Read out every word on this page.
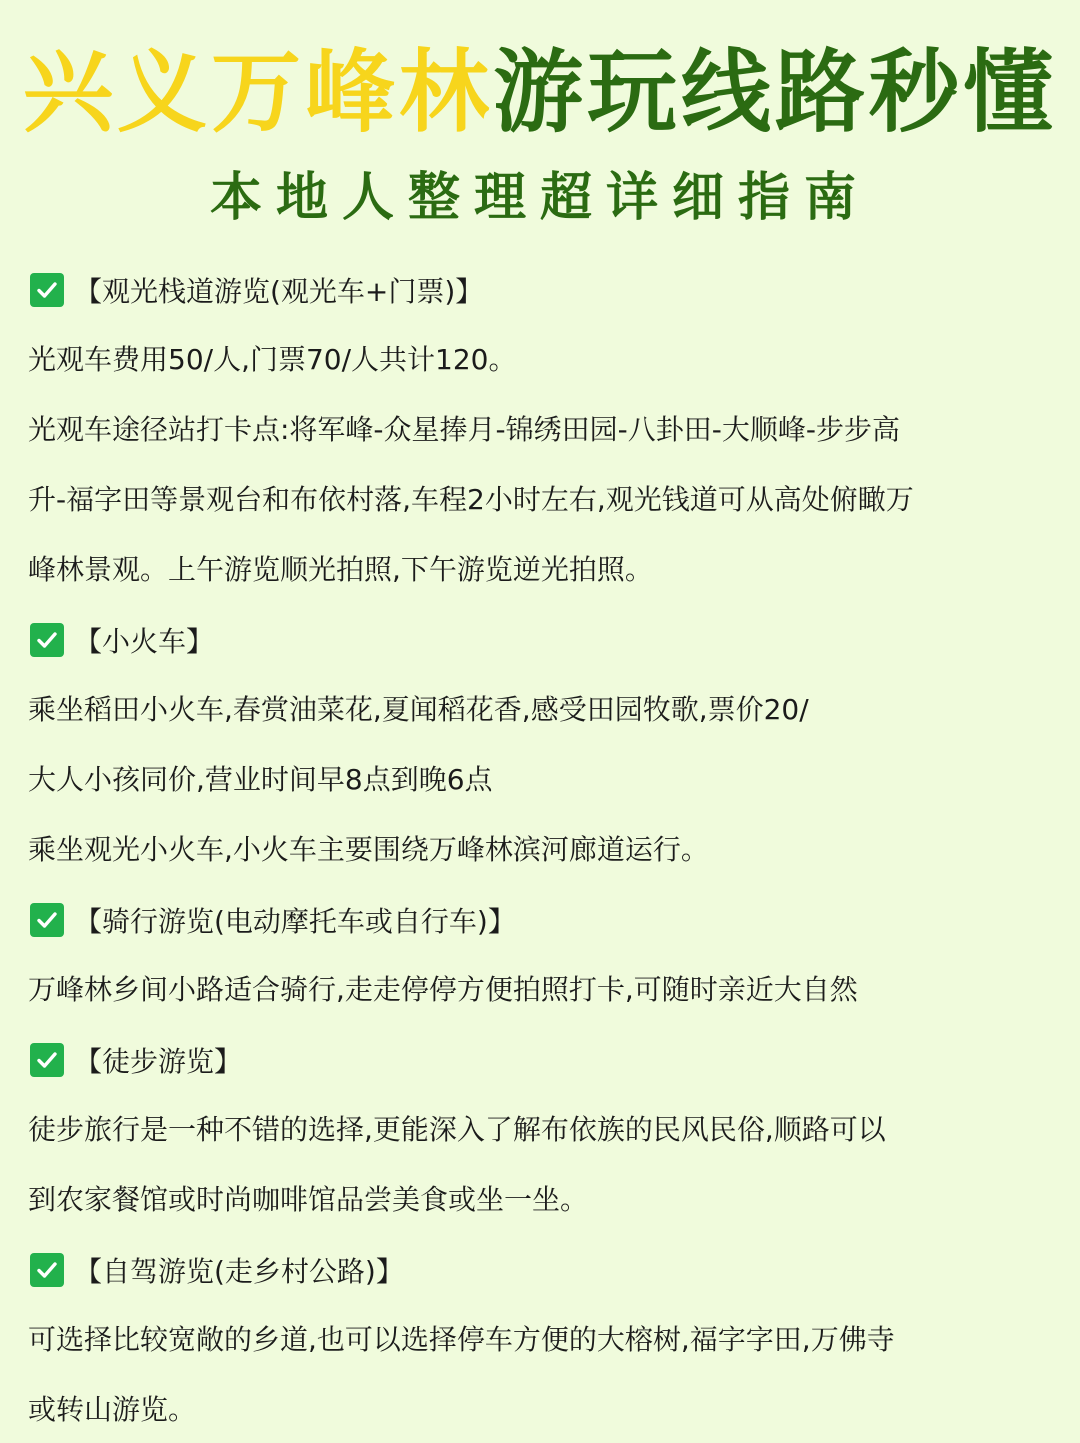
兴义万峰林游玩线路秒懂
本地人整理超详细指南
【观光栈道游览(观光车+门票)】
光观车费用50/人,门票70/人共计120。
光观车途径站打卡点:将军峰-众星捧月-锦绣田园-八卦田-大顺峰-步步高
升-福字田等景观台和布依村落,车程2小时左右,观光钱道可从高处俯瞰万
峰林景观。上午游览顺光拍照,下午游览逆光拍照。
【小火车】
乘坐稻田小火车,春赏油菜花,夏闻稻花香,感受田园牧歌,票价20/
大人小孩同价,营业时间早8点到晚6点
乘坐观光小火车,小火车主要围绕万峰林滨河廊道运行。
【骑行游览(电动摩托车或自行车)】
万峰林乡间小路适合骑行,走走停停方便拍照打卡,可随时亲近大自然
【徒步游览】
徒步旅行是一种不错的选择,更能深入了解布依族的民风民俗,顺路可以
到农家餐馆或时尚咖啡馆品尝美食或坐一坐。
【自驾游览(走乡村公路)】
可选择比较宽敞的乡道,也可以选择停车方便的大榕树,福字字田,万佛寺
或转山游览。
